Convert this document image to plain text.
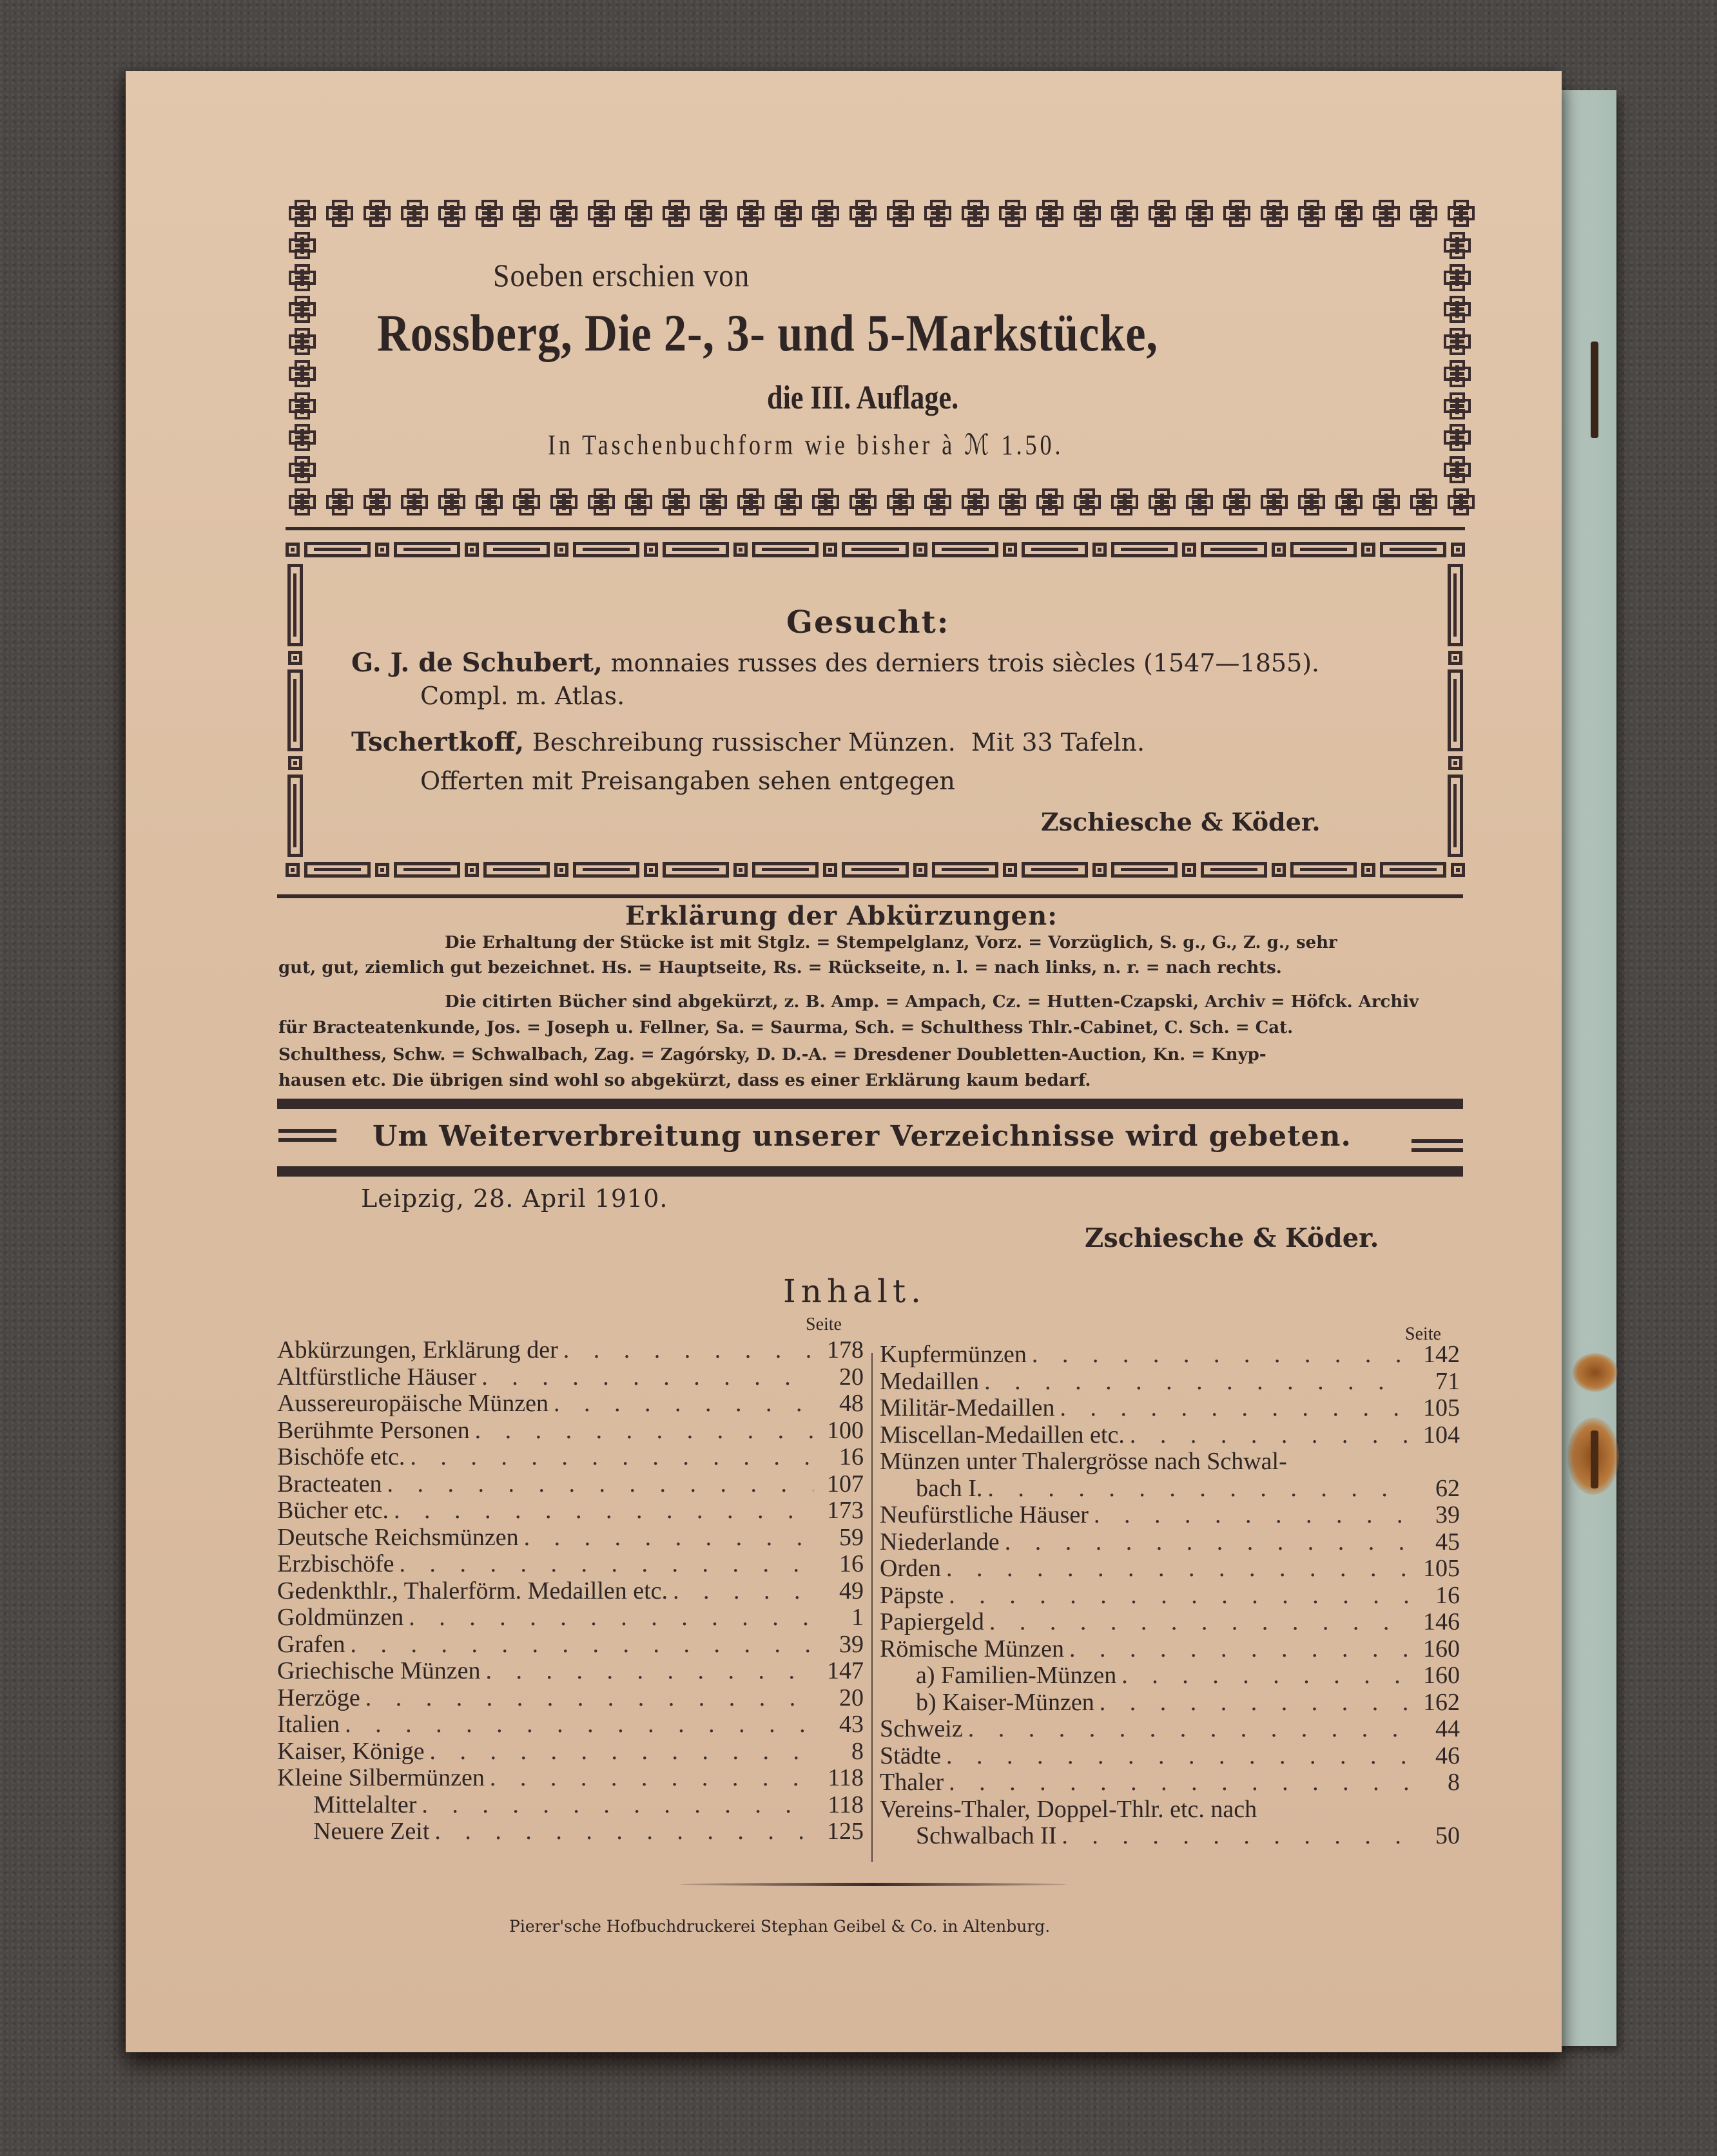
Soeben erschien von
Rossberg, Die 2-, 3- und 5-Markstücke,
die III. Auflage.
In Taschenbuchform wie bisher à ℳ 1.50.
Gesucht:
G. J. de Schubert, monnaies russes des derniers trois siècles (1547—1855).
Compl. m. Atlas.
Tschertkoff, Beschreibung russischer Münzen.  Mit 33 Tafeln.
Offerten mit Preisangaben sehen entgegen
Zschiesche & Köder.
Erklärung der Abkürzungen:
Die Erhaltung der Stücke ist mit Stglz. = Stempelglanz, Vorz. = Vorzüglich, S. g., G., Z. g., sehr
gut, gut, ziemlich gut bezeichnet. Hs. = Hauptseite, Rs. = Rückseite, n. l. = nach links, n. r. = nach rechts.
Die citirten Bücher sind abgekürzt, z. B. Amp. = Ampach, Cz. = Hutten-Czapski, Archiv = Höfck. Archiv
für Bracteatenkunde, Jos. = Joseph u. Fellner, Sa. = Saurma, Sch. = Schulthess Thlr.-Cabinet, C. Sch. = Cat.
Schulthess, Schw. = Schwalbach, Zag. = Zagórsky, D. D.-A. = Dresdener Doubletten-Auction, Kn. = Knyp-
hausen etc. Die übrigen sind wohl so abgekürzt, dass es einer Erklärung kaum bedarf.
Um Weiterverbreitung unserer Verzeichnisse wird gebeten.
Leipzig, 28. April 1910.
Zschiesche & Köder.
Inhalt.
Seite	Seite
Abkürzungen, Erklärung der . . .	178
Altfürstliche Häuser . . .	20
Aussereuropäische Münzen . . .	48
Berühmte Personen . . .	100
Bischöfe etc. . . .	16
Bracteaten . . .	107
Bücher etc. . . .	173
Deutsche Reichsmünzen . . .	59
Erzbischöfe . . .	16
Gedenkthlr., Thalerförm. Medaillen etc. . . .	49
Goldmünzen . . .	1
Grafen . . .	39
Griechische Münzen . . .	147
Herzöge . . .	20
Italien . . .	43
Kaiser, Könige . . .	8
Kleine Silbermünzen . . .	118
Mittelalter . . .	118
Neuere Zeit . . .	125
Kupfermünzen . . .	142
Medaillen . . .	71
Militär-Medaillen . . .	105
Miscellan-Medaillen etc. . . .	104
Münzen unter Thalergrösse nach Schwal-
bach I. . . .	62
Neufürstliche Häuser . . .	39
Niederlande . . .	45
Orden . . .	105
Päpste . . .	16
Papiergeld . . .	146
Römische Münzen . . .	160
a) Familien-Münzen . . .	160
b) Kaiser-Münzen . . .	162
Schweiz . . .	44
Städte . . .	46
Thaler . . .	8
Vereins-Thaler, Doppel-Thlr. etc. nach
Schwalbach II . . .	50
Pierer'sche Hofbuchdruckerei Stephan Geibel & Co. in Altenburg.
